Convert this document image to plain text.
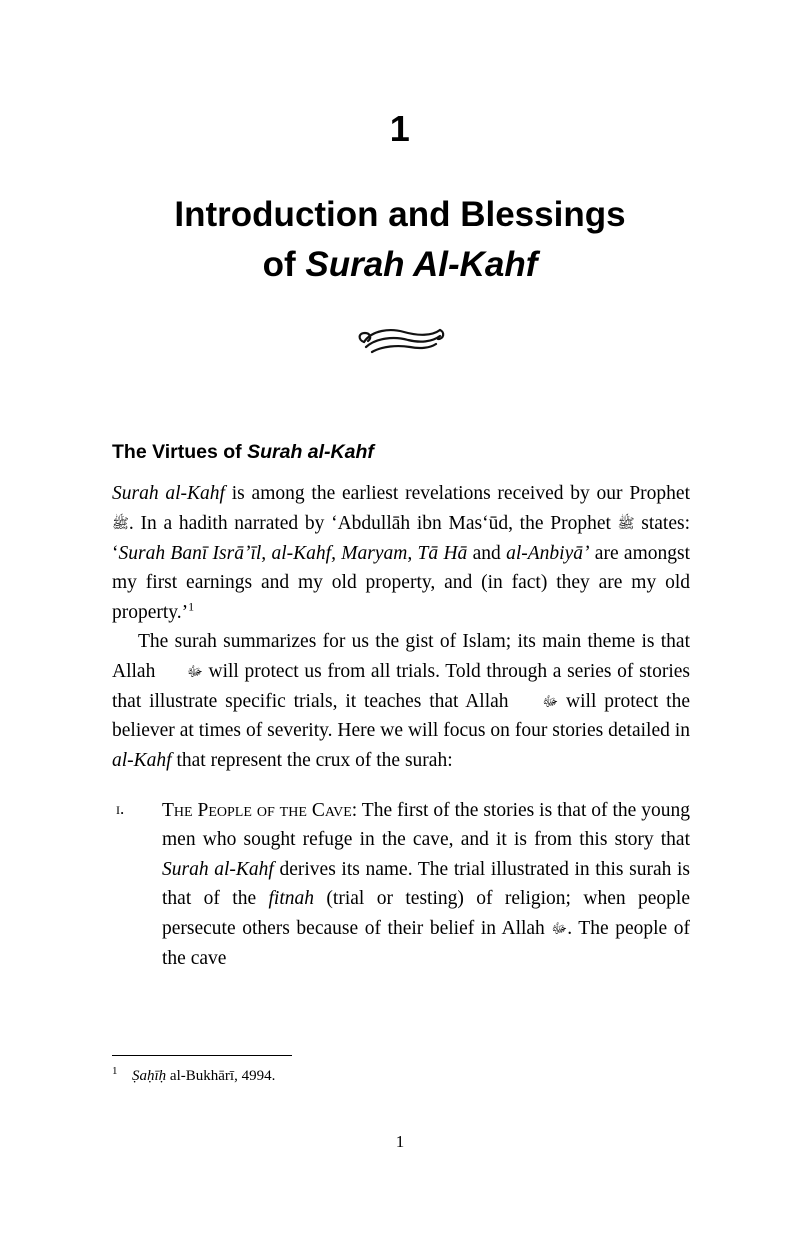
1
Introduction and Blessings
of Surah Al-Kahf
The Virtues of Surah al-Kahf

Surah al-Kahf is among the earliest revelations received by our Prophet ﷺ. In a hadith narrated by ‘Abdullāh ibn Mas‘ūd, the Prophet ﷺ states: ‘Surah Banī Isrāʼīl, al-Kahf, Maryam, Tā Hā and al-Anbiyāʼ are amongst my first earnings and my old property, and (in fact) they are my old property.’$^1$

The surah summarizes for us the gist of Islam; its main theme is that Allah ﷻ will protect us from all trials. Told through a series of stories that illustrate specific trials, it teaches that Allah ﷻ will protect the believer at times of severity. Here we will focus on four stories detailed in al-Kahf that represent the crux of the surah:

i. The People of the Cave: The first of the stories is that of the young men who sought refuge in the cave, and it is from this story that Surah al-Kahf derives its name. The trial illustrated in this surah is that of the fitnah (trial or testing) of religion; when people persecute others because of their belief in Allah ﷻ. The people of the cave
1 Ṣaḥīḥ al-Bukhārī, 4994.
1
